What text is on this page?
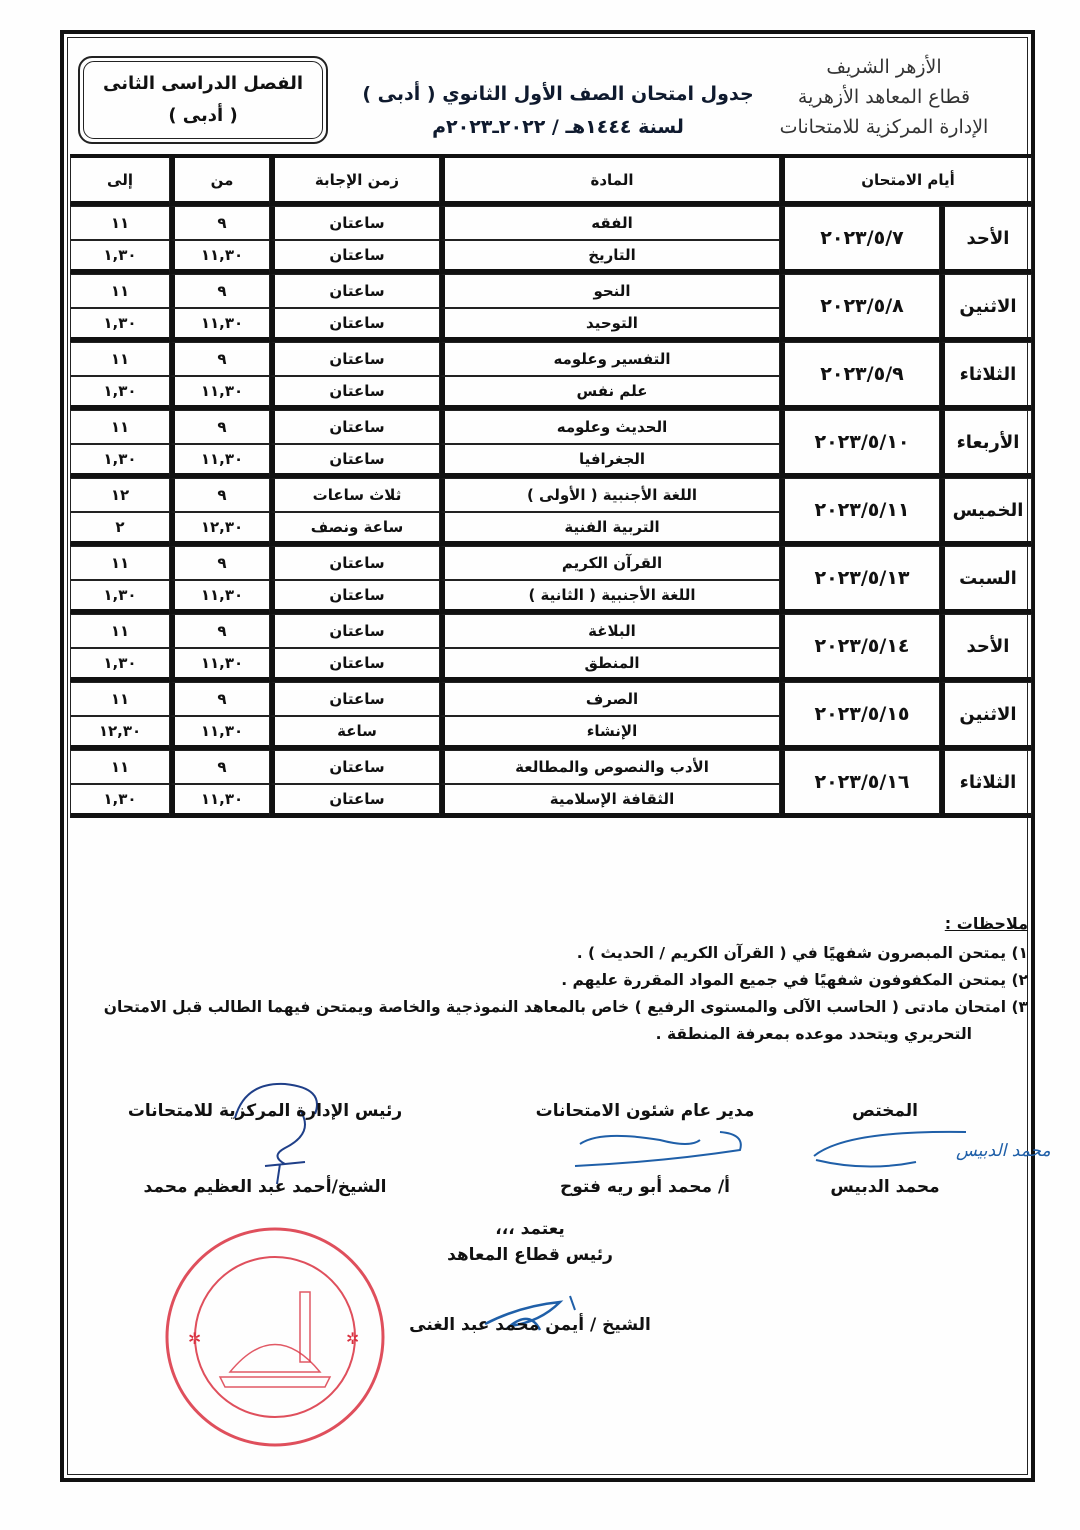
الأزهر الشريف
قطاع المعاهد الأزهرية
الإدارة المركزية للامتحانات
جدول امتحان الصف الأول الثانوي ( أدبى )
لسنة ١٤٤٤هـ / ٢٠٢٢ـ٢٠٢٣م
الفصل الدراسى الثانى
( أدبى )
أيام الامتحان		المادة	زمن الإجابة	من	إلى
الأحد	٢٠٢٣/٥/٧	الفقه	ساعتان	٩	١١
		التاريخ	ساعتان	١١,٣٠	١,٣٠
الاثنين	٢٠٢٣/٥/٨	النحو	ساعتان	٩	١١
		التوحيد	ساعتان	١١,٣٠	١,٣٠
الثلاثاء	٢٠٢٣/٥/٩	التفسير وعلومه	ساعتان	٩	١١
		علم نفس	ساعتان	١١,٣٠	١,٣٠
الأربعاء	٢٠٢٣/٥/١٠	الحديث وعلومه	ساعتان	٩	١١
		الجغرافيا	ساعتان	١١,٣٠	١,٣٠
الخميس	٢٠٢٣/٥/١١	اللغة الأجنبية ( الأولى )	ثلاث ساعات	٩	١٢
		التربية الفنية	ساعة ونصف	١٢,٣٠	٢
السبت	٢٠٢٣/٥/١٣	القرآن الكريم	ساعتان	٩	١١
		اللغة الأجنبية ( الثانية )	ساعتان	١١,٣٠	١,٣٠
الأحد	٢٠٢٣/٥/١٤	البلاغة	ساعتان	٩	١١
		المنطق	ساعتان	١١,٣٠	١,٣٠
الاثنين	٢٠٢٣/٥/١٥	الصرف	ساعتان	٩	١١
		الإنشاء	ساعة	١١,٣٠	١٢,٣٠
الثلاثاء	٢٠٢٣/٥/١٦	الأدب والنصوص والمطالعة	ساعتان	٩	١١
		الثقافة الإسلامية	ساعتان	١١,٣٠	١,٣٠
ملاحظات :
١) يمتحن المبصرون شفهيًا في ( القرآن الكريم / الحديث ) .
٢) يمتحن المكفوفون شفهيًا في جميع المواد المقررة عليهم .
٣) امتحان مادتى ( الحاسب الآلى والمستوى الرفيع ) خاص بالمعاهد النموذجية والخاصة ويمتحن فيهما الطالب قبل الامتحان
التحريري ويتحدد موعده بمعرفة المنطقة .
محمد الدبيس
✲	✲
المختص
محمد الدبيس
مدير عام شئون الامتحانات
أ/ محمد أبو ريه فتوح
رئيس الإدارة المركزية للامتحانات
الشيخ/أحمد عبد العظيم محمد
يعتمد ،،،
رئيس قطاع المعاهد
الشيخ / أيمن محمد عبد الغنى
